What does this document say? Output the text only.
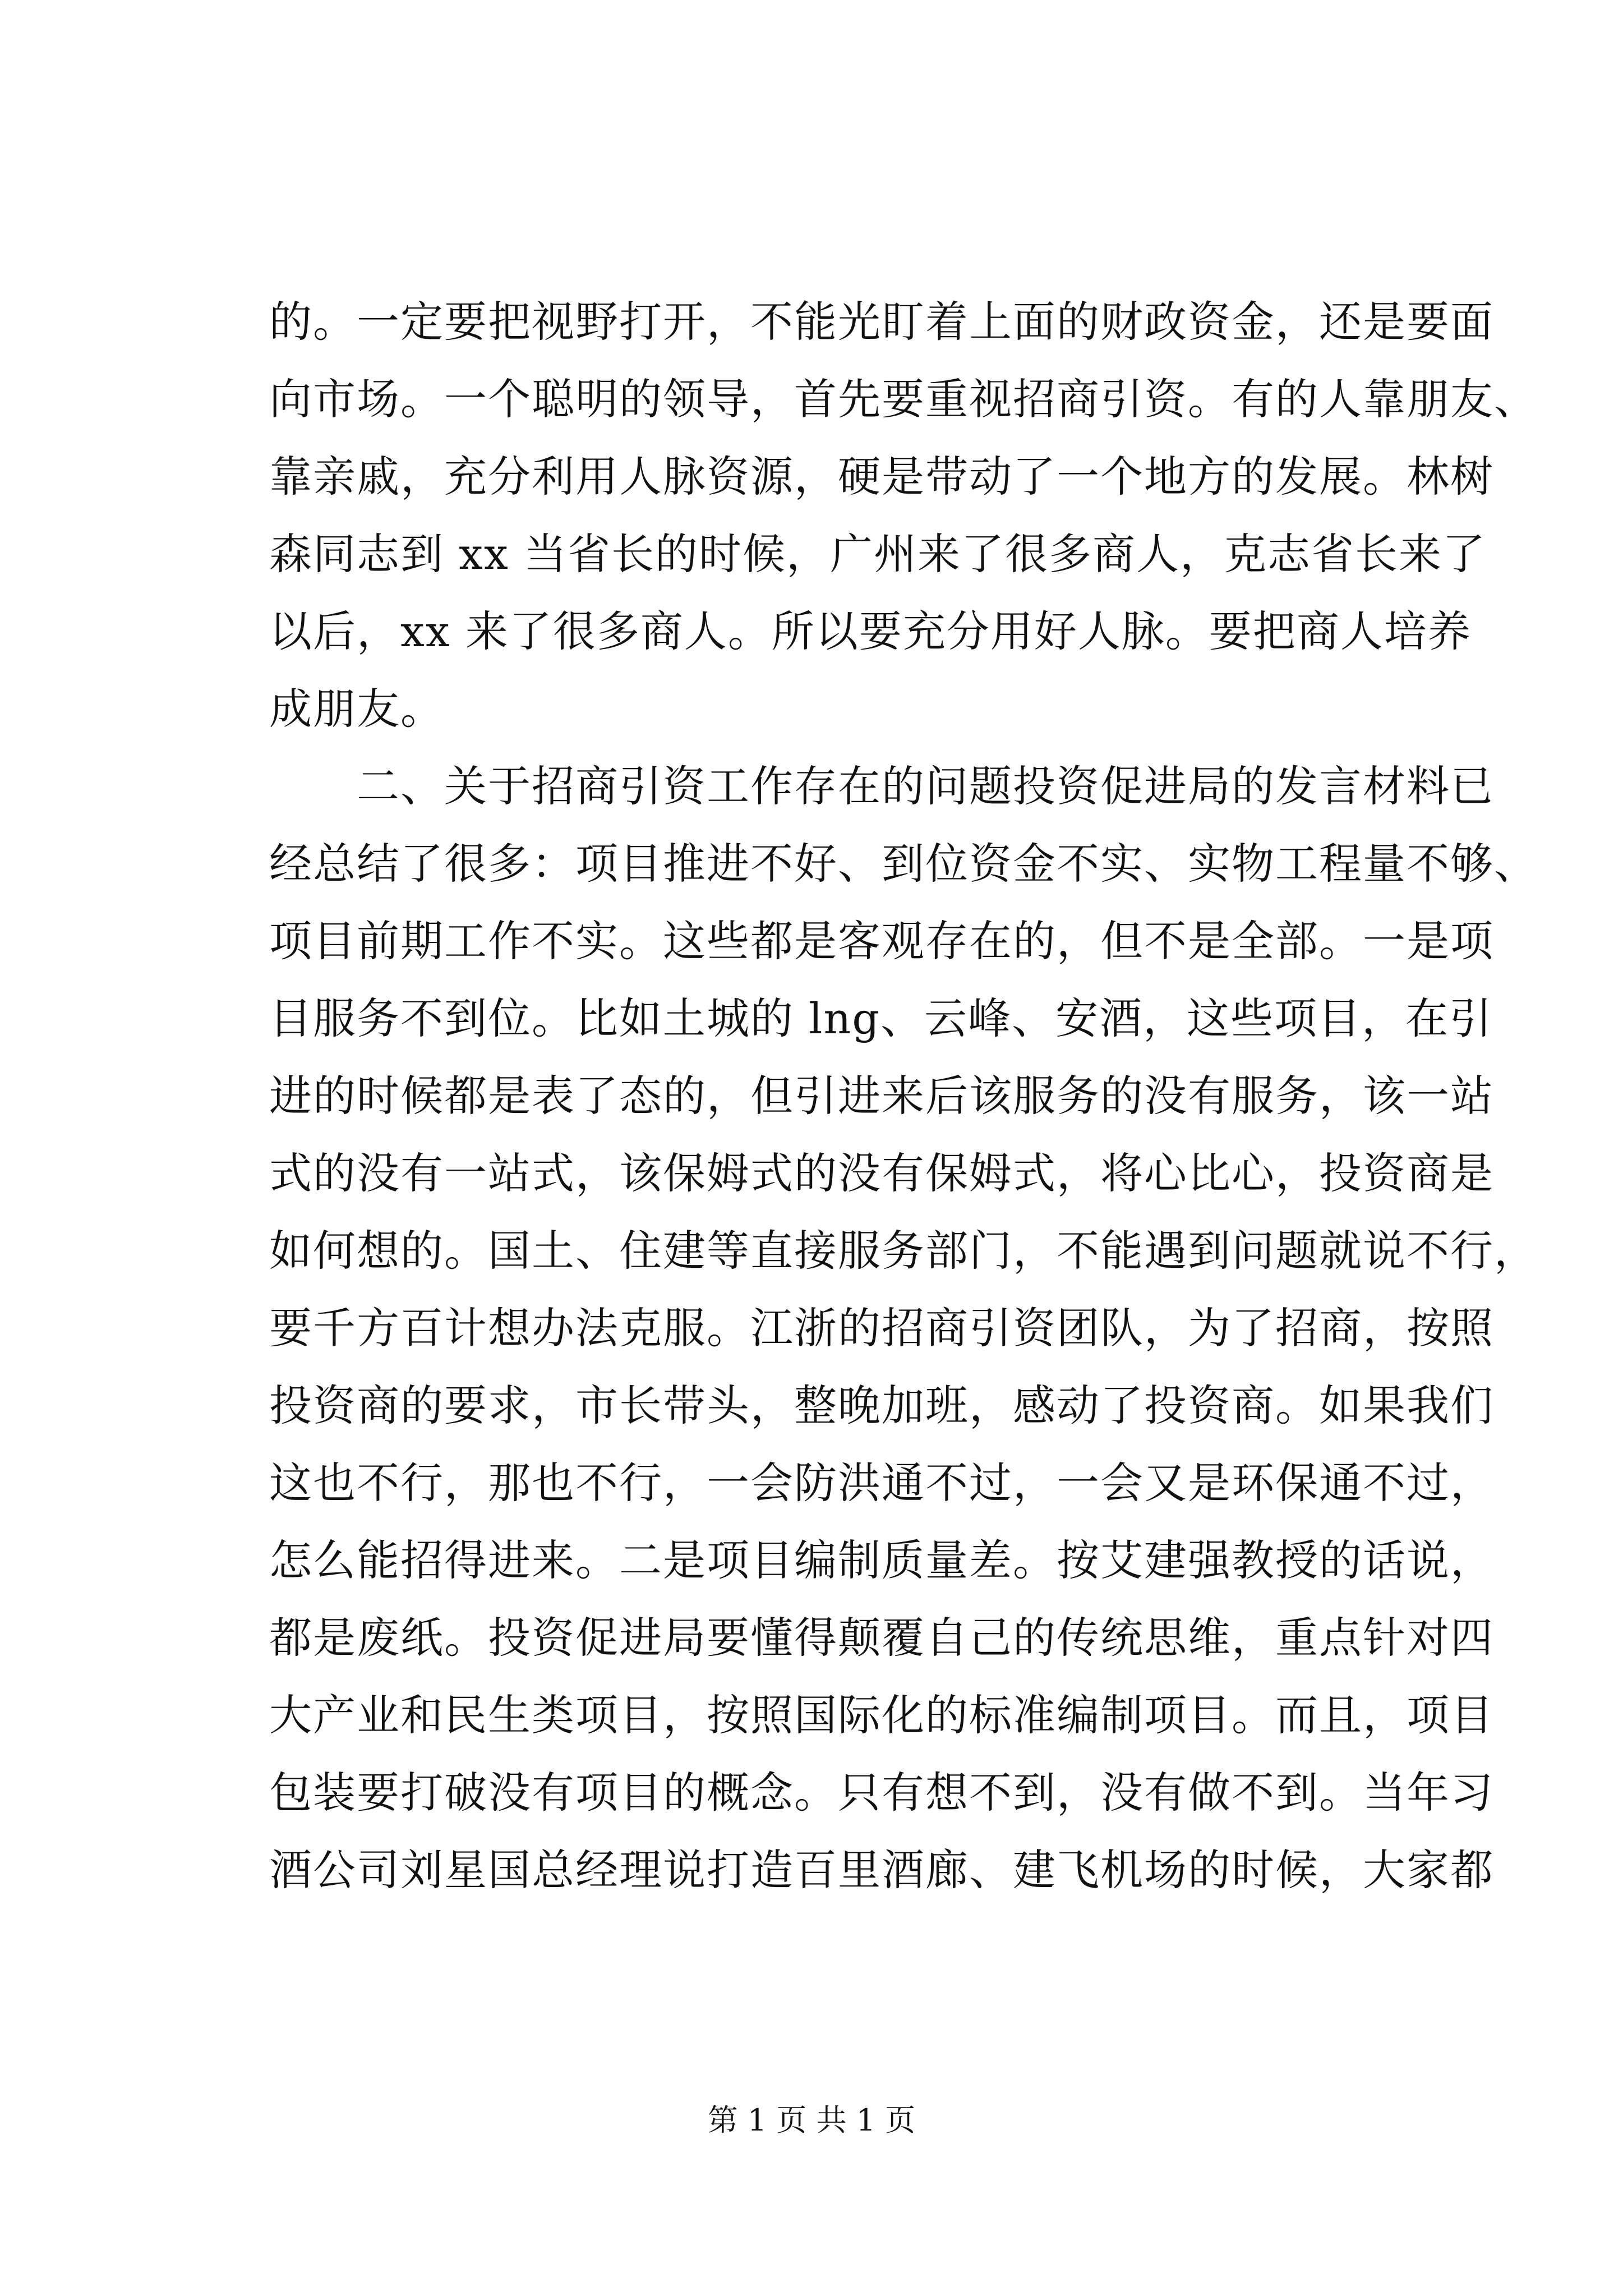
的。一定要把视野打开，不能光盯着上面的财政资金，还是要面
向市场。一个聪明的领导，首先要重视招商引资。有的人靠朋友、
靠亲戚，充分利用人脉资源，硬是带动了一个地方的发展。林树
森同志到 xx 当省长的时候，广州来了很多商人，克志省长来了
以后，xx 来了很多商人。所以要充分用好人脉。要把商人培养
成朋友。
　　二、关于招商引资工作存在的问题投资促进局的发言材料已
经总结了很多：项目推进不好、到位资金不实、实物工程量不够、
项目前期工作不实。这些都是客观存在的，但不是全部。一是项
目服务不到位。比如土城的 lng、云峰、安酒，这些项目，在引
进的时候都是表了态的，但引进来后该服务的没有服务，该一站
式的没有一站式，该保姆式的没有保姆式，将心比心，投资商是
如何想的。国土、住建等直接服务部门，不能遇到问题就说不行，
要千方百计想办法克服。江浙的招商引资团队，为了招商，按照
投资商的要求，市长带头，整晚加班，感动了投资商。如果我们
这也不行，那也不行，一会防洪通不过，一会又是环保通不过，
怎么能招得进来。二是项目编制质量差。按艾建强教授的话说，
都是废纸。投资促进局要懂得颠覆自己的传统思维，重点针对四
大产业和民生类项目，按照国际化的标准编制项目。而且，项目
包装要打破没有项目的概念。只有想不到，没有做不到。当年习
酒公司刘星国总经理说打造百里酒廊、建飞机场的时候，大家都
第 1 页 共 1 页
